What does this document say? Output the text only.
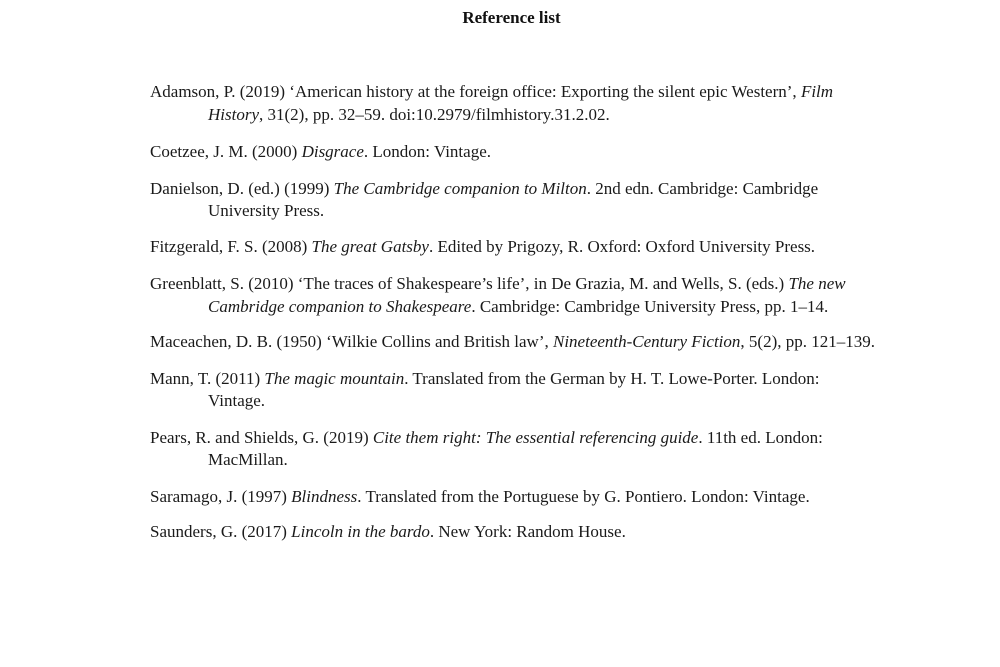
Reference list
Adamson, P. (2019) ‘American history at the foreign office: Exporting the silent epic Western’, Film History, 31(2), pp. 32–59. doi:10.2979/filmhistory.31.2.02.
Coetzee, J. M. (2000) Disgrace. London: Vintage.
Danielson, D. (ed.) (1999) The Cambridge companion to Milton. 2nd edn. Cambridge: Cambridge University Press.
Fitzgerald, F. S. (2008) The great Gatsby. Edited by Prigozy, R. Oxford: Oxford University Press.
Greenblatt, S. (2010) ‘The traces of Shakespeare’s life’, in De Grazia, M. and Wells, S. (eds.) The new Cambridge companion to Shakespeare. Cambridge: Cambridge University Press, pp. 1–14.
Maceachen, D. B. (1950) ‘Wilkie Collins and British law’, Nineteenth-Century Fiction, 5(2), pp. 121–139.
Mann, T. (2011) The magic mountain. Translated from the German by H. T. Lowe-Porter. London: Vintage.
Pears, R. and Shields, G. (2019) Cite them right: The essential referencing guide. 11th ed. London: MacMillan.
Saramago, J. (1997) Blindness. Translated from the Portuguese by G. Pontiero. London: Vintage.
Saunders, G. (2017) Lincoln in the bardo. New York: Random House.
